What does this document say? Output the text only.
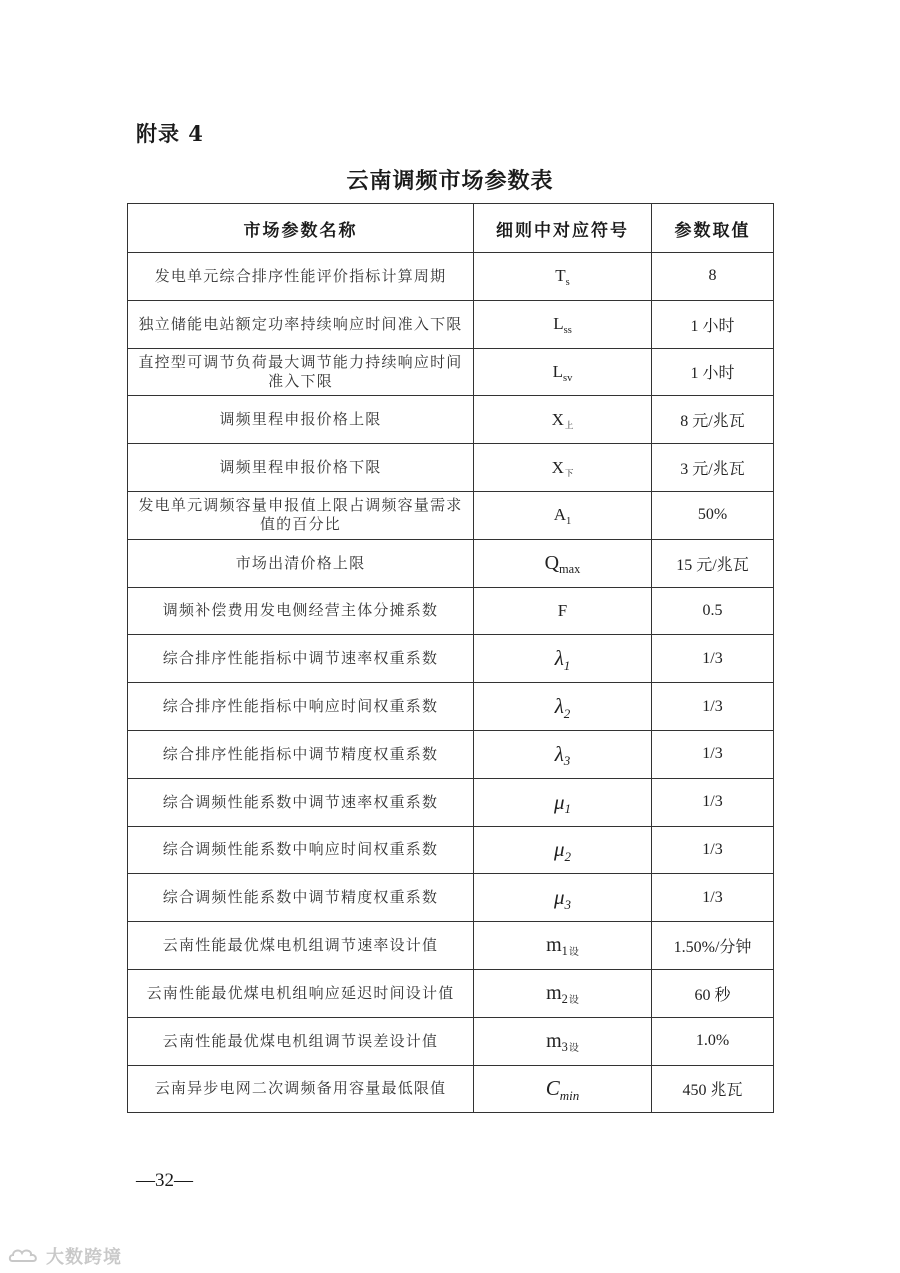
附录 4
云南调频市场参数表
市场参数名称	细则中对应符号	参数取值
发电单元综合排序性能评价指标计算周期	$T_s$	8
独立储能电站额定功率持续响应时间准入下限	$L_{ss}$	1 小时
直控型可调节负荷最大调节能力持续响应时间准入下限	$L_{sv}$	1 小时
调频里程申报价格上限	X上	8 元/兆瓦
调频里程申报价格下限	X下	3 元/兆瓦
发电单元调频容量申报值上限占调频容量需求值的百分比	$A_1$	50%
市场出清价格上限	$Q_{max}$	15 元/兆瓦
调频补偿费用发电侧经营主体分摊系数	F	0.5
综合排序性能指标中调节速率权重系数	$\lambda_1$	1/3
综合排序性能指标中响应时间权重系数	$\lambda_2$	1/3
综合排序性能指标中调节精度权重系数	$\lambda_3$	1/3
综合调频性能系数中调节速率权重系数	$\mu_1$	1/3
综合调频性能系数中响应时间权重系数	$\mu_2$	1/3
综合调频性能系数中调节精度权重系数	$\mu_3$	1/3
云南性能最优煤电机组调节速率设计值	$m_{1设}$	1.50%/分钟
云南性能最优煤电机组响应延迟时间设计值	$m_{2设}$	60 秒
云南性能最优煤电机组调节误差设计值	$m_{3设}$	1.0%
云南异步电网二次调频备用容量最低限值	$C_{min}$	450 兆瓦
—32—
大数跨境
